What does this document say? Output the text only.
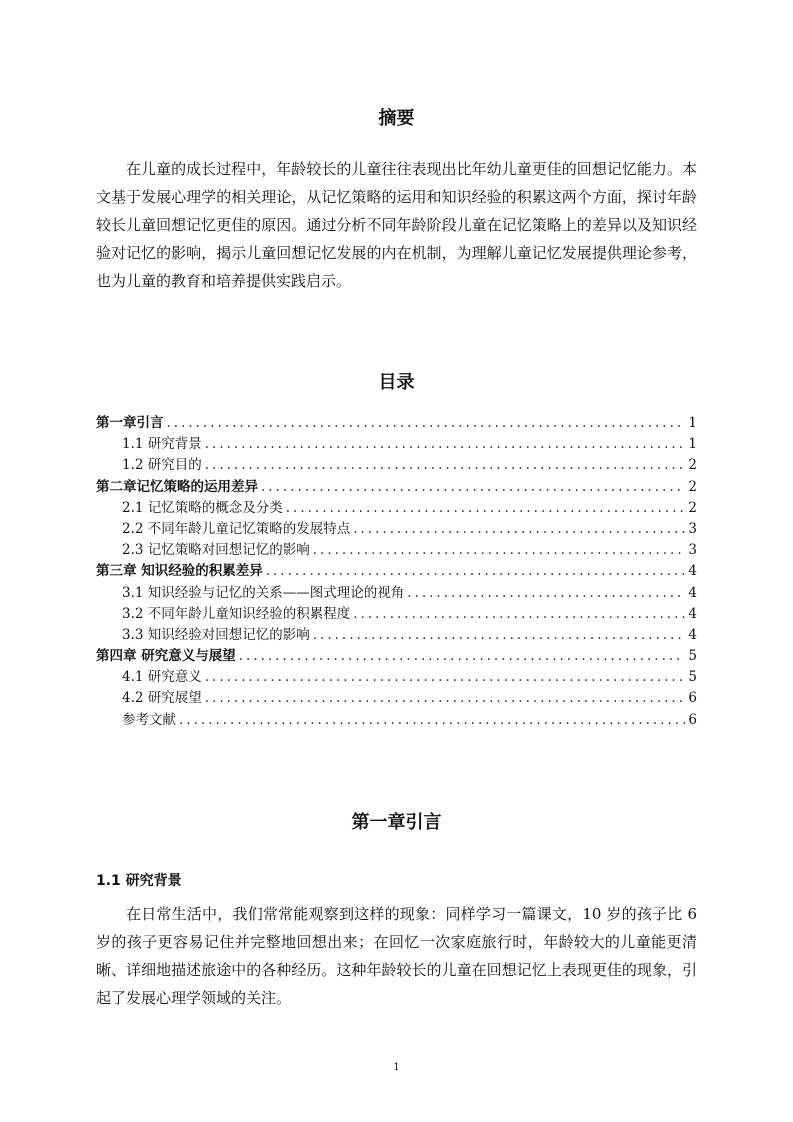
摘要

在儿童的成长过程中，年龄较长的儿童往往表现出比年幼儿童更佳的回想记忆能力。本文基于发展心理学的相关理论，从记忆策略的运用和知识经验的积累这两个方面，探讨年龄较长儿童回想记忆更佳的原因。通过分析不同年龄阶段儿童在记忆策略上的差异以及知识经验对记忆的影响，揭示儿童回想记忆发展的内在机制，为理解儿童记忆发展提供理论参考，也为儿童的教育和培养提供实践启示。

目录
第一章引言 .....	1
1.1 研究背景 .....	1
1.2 研究目的 .....	2
第二章记忆策略的运用差异 .....	2
2.1 记忆策略的概念及分类 .....	2
2.2 不同年龄儿童记忆策略的发展特点 .....	3
2.3 记忆策略对回想记忆的影响 .....	3
第三章 知识经验的积累差异 .....	4
3.1 知识经验与记忆的关系——图式理论的视角 .....	4
3.2 不同年龄儿童知识经验的积累程度 .....	4
3.3 知识经验对回想记忆的影响 .....	4
第四章 研究意义与展望 .....	5
4.1 研究意义 .....	5
4.2 研究展望 .....	6
参考文献 .....	6
第一章引言
1.1 研究背景

在日常生活中，我们常常能观察到这样的现象：同样学习一篇课文，10 岁的孩子比 6 岁的孩子更容易记住并完整地回想出来；在回忆一次家庭旅行时，年龄较大的儿童能更清晰、详细地描述旅途中的各种经历。这种年龄较长的儿童在回想记忆上表现更佳的现象，引起了发展心理学领域的关注。

1
